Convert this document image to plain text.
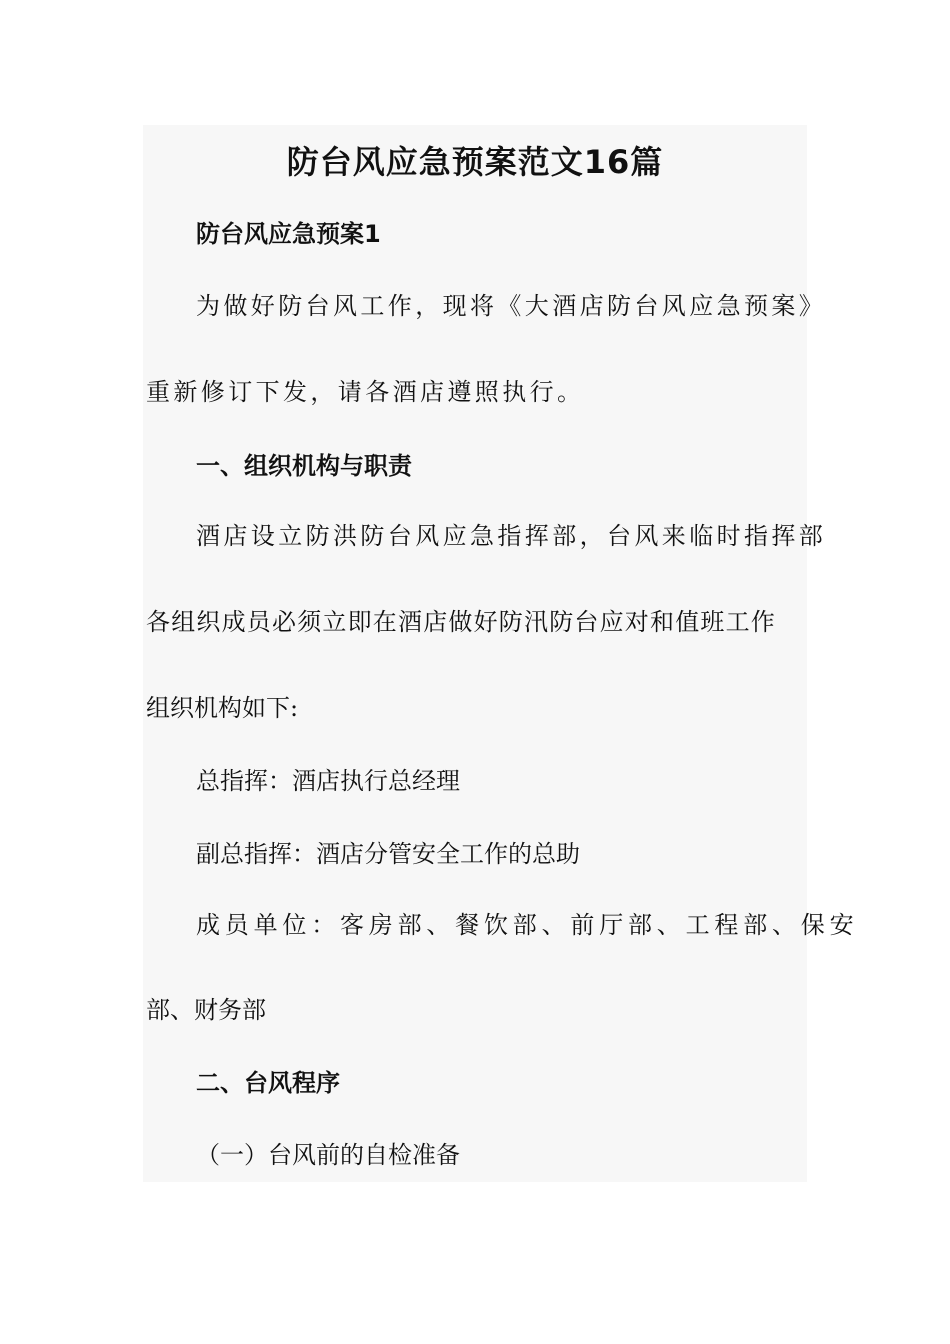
防台风应急预案范文16篇
防台风应急预案1
为做好防台风工作，现将《大酒店防台风应急预案》
重新修订下发，请各酒店遵照执行。
一、组织机构与职责
酒店设立防洪防台风应急指挥部，台风来临时指挥部
各组织成员必须立即在酒店做好防汛防台应对和值班工作
组织机构如下:
总指挥：酒店执行总经理
副总指挥：酒店分管安全工作的总助
成员单位：客房部、餐饮部、前厅部、工程部、保安
部、财务部
二、台风程序
（一）台风前的自检准备
